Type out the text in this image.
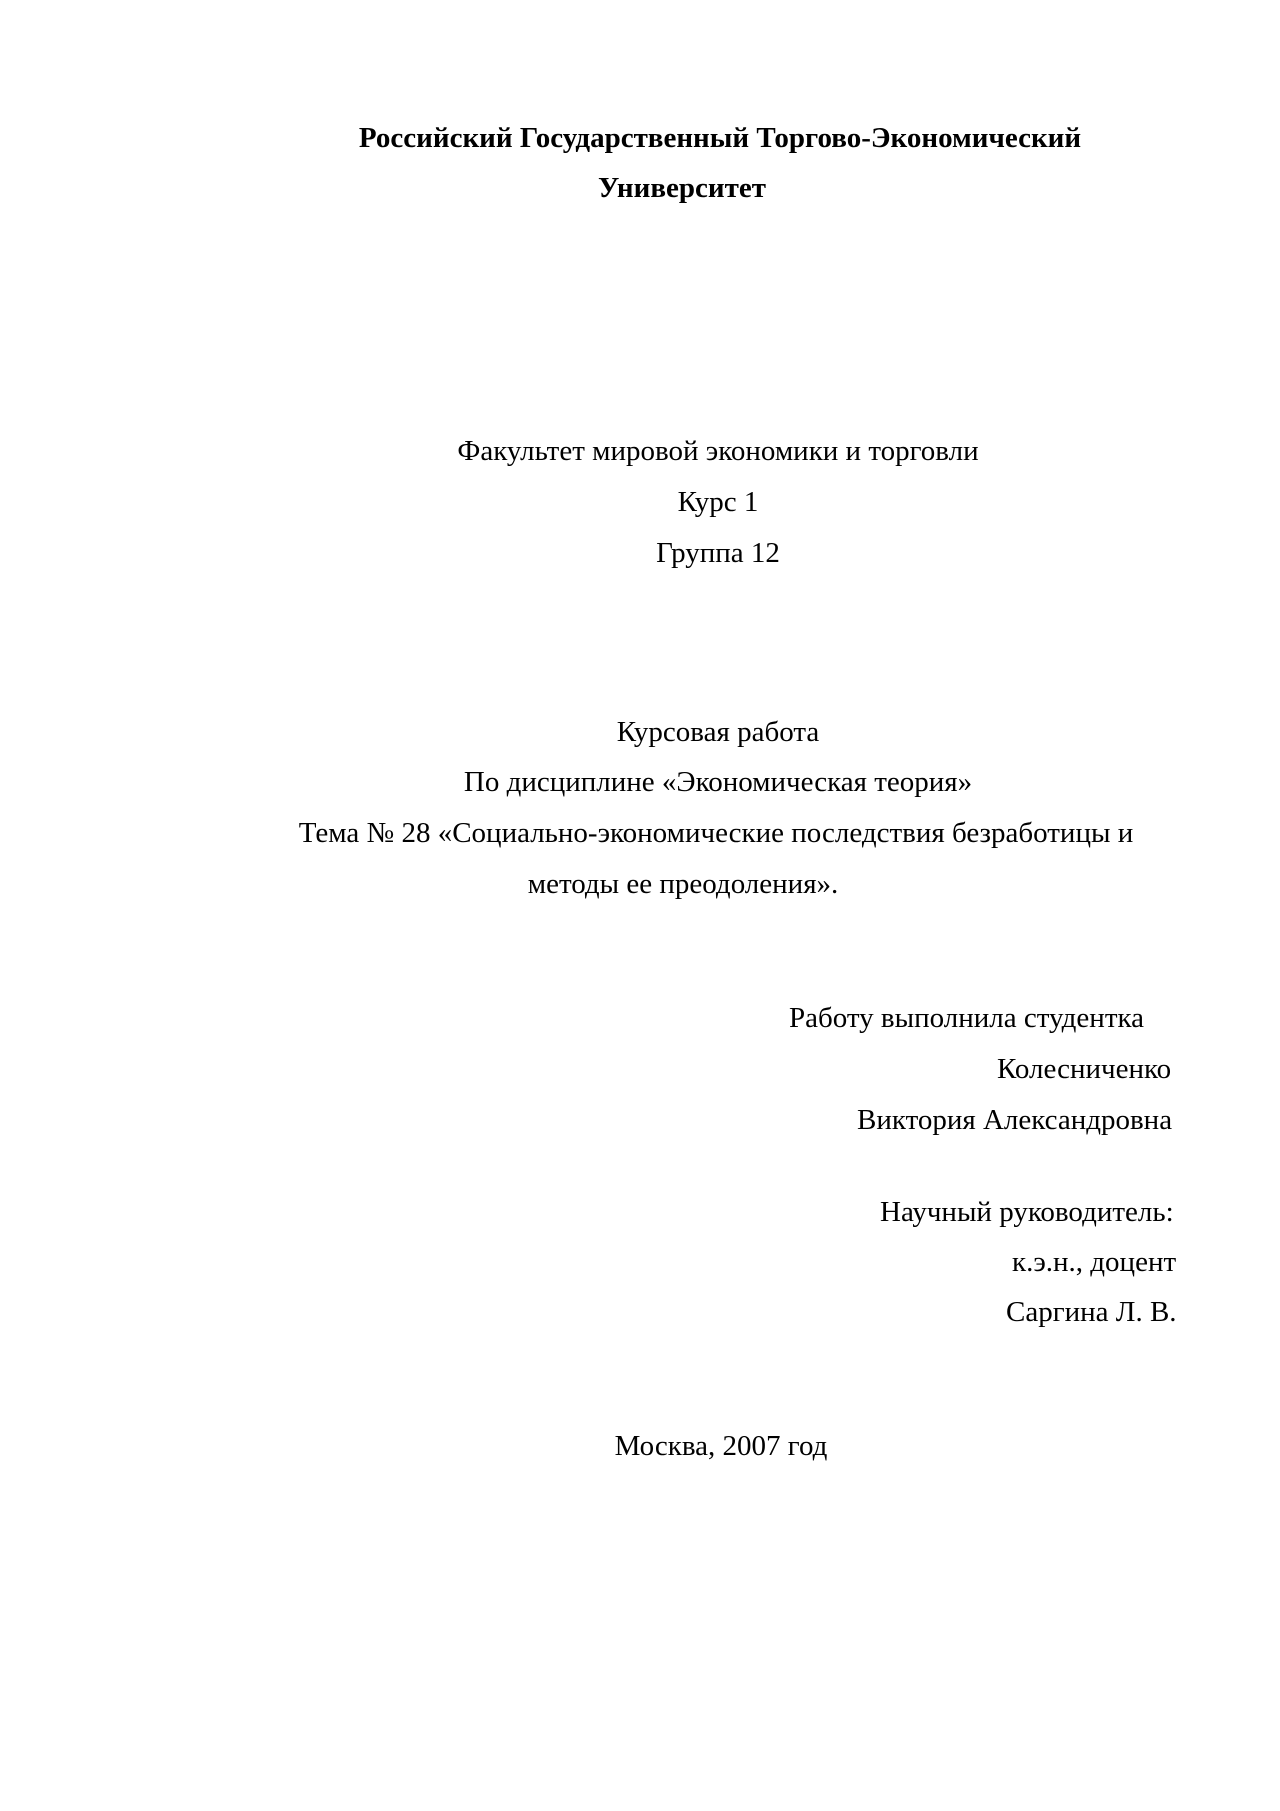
Российский Государственный Торгово-Экономический
Университет
Факультет мировой экономики и торговли
Курс 1
Группа 12
Курсовая работа
По дисциплине «Экономическая теория»
Тема № 28 «Социально-экономические последствия безработицы и
методы ее преодоления».
Работу выполнила студентка
Колесниченко
Виктория Александровна
Научный руководитель:
к.э.н., доцент
Саргина Л. В.
Москва, 2007 год
